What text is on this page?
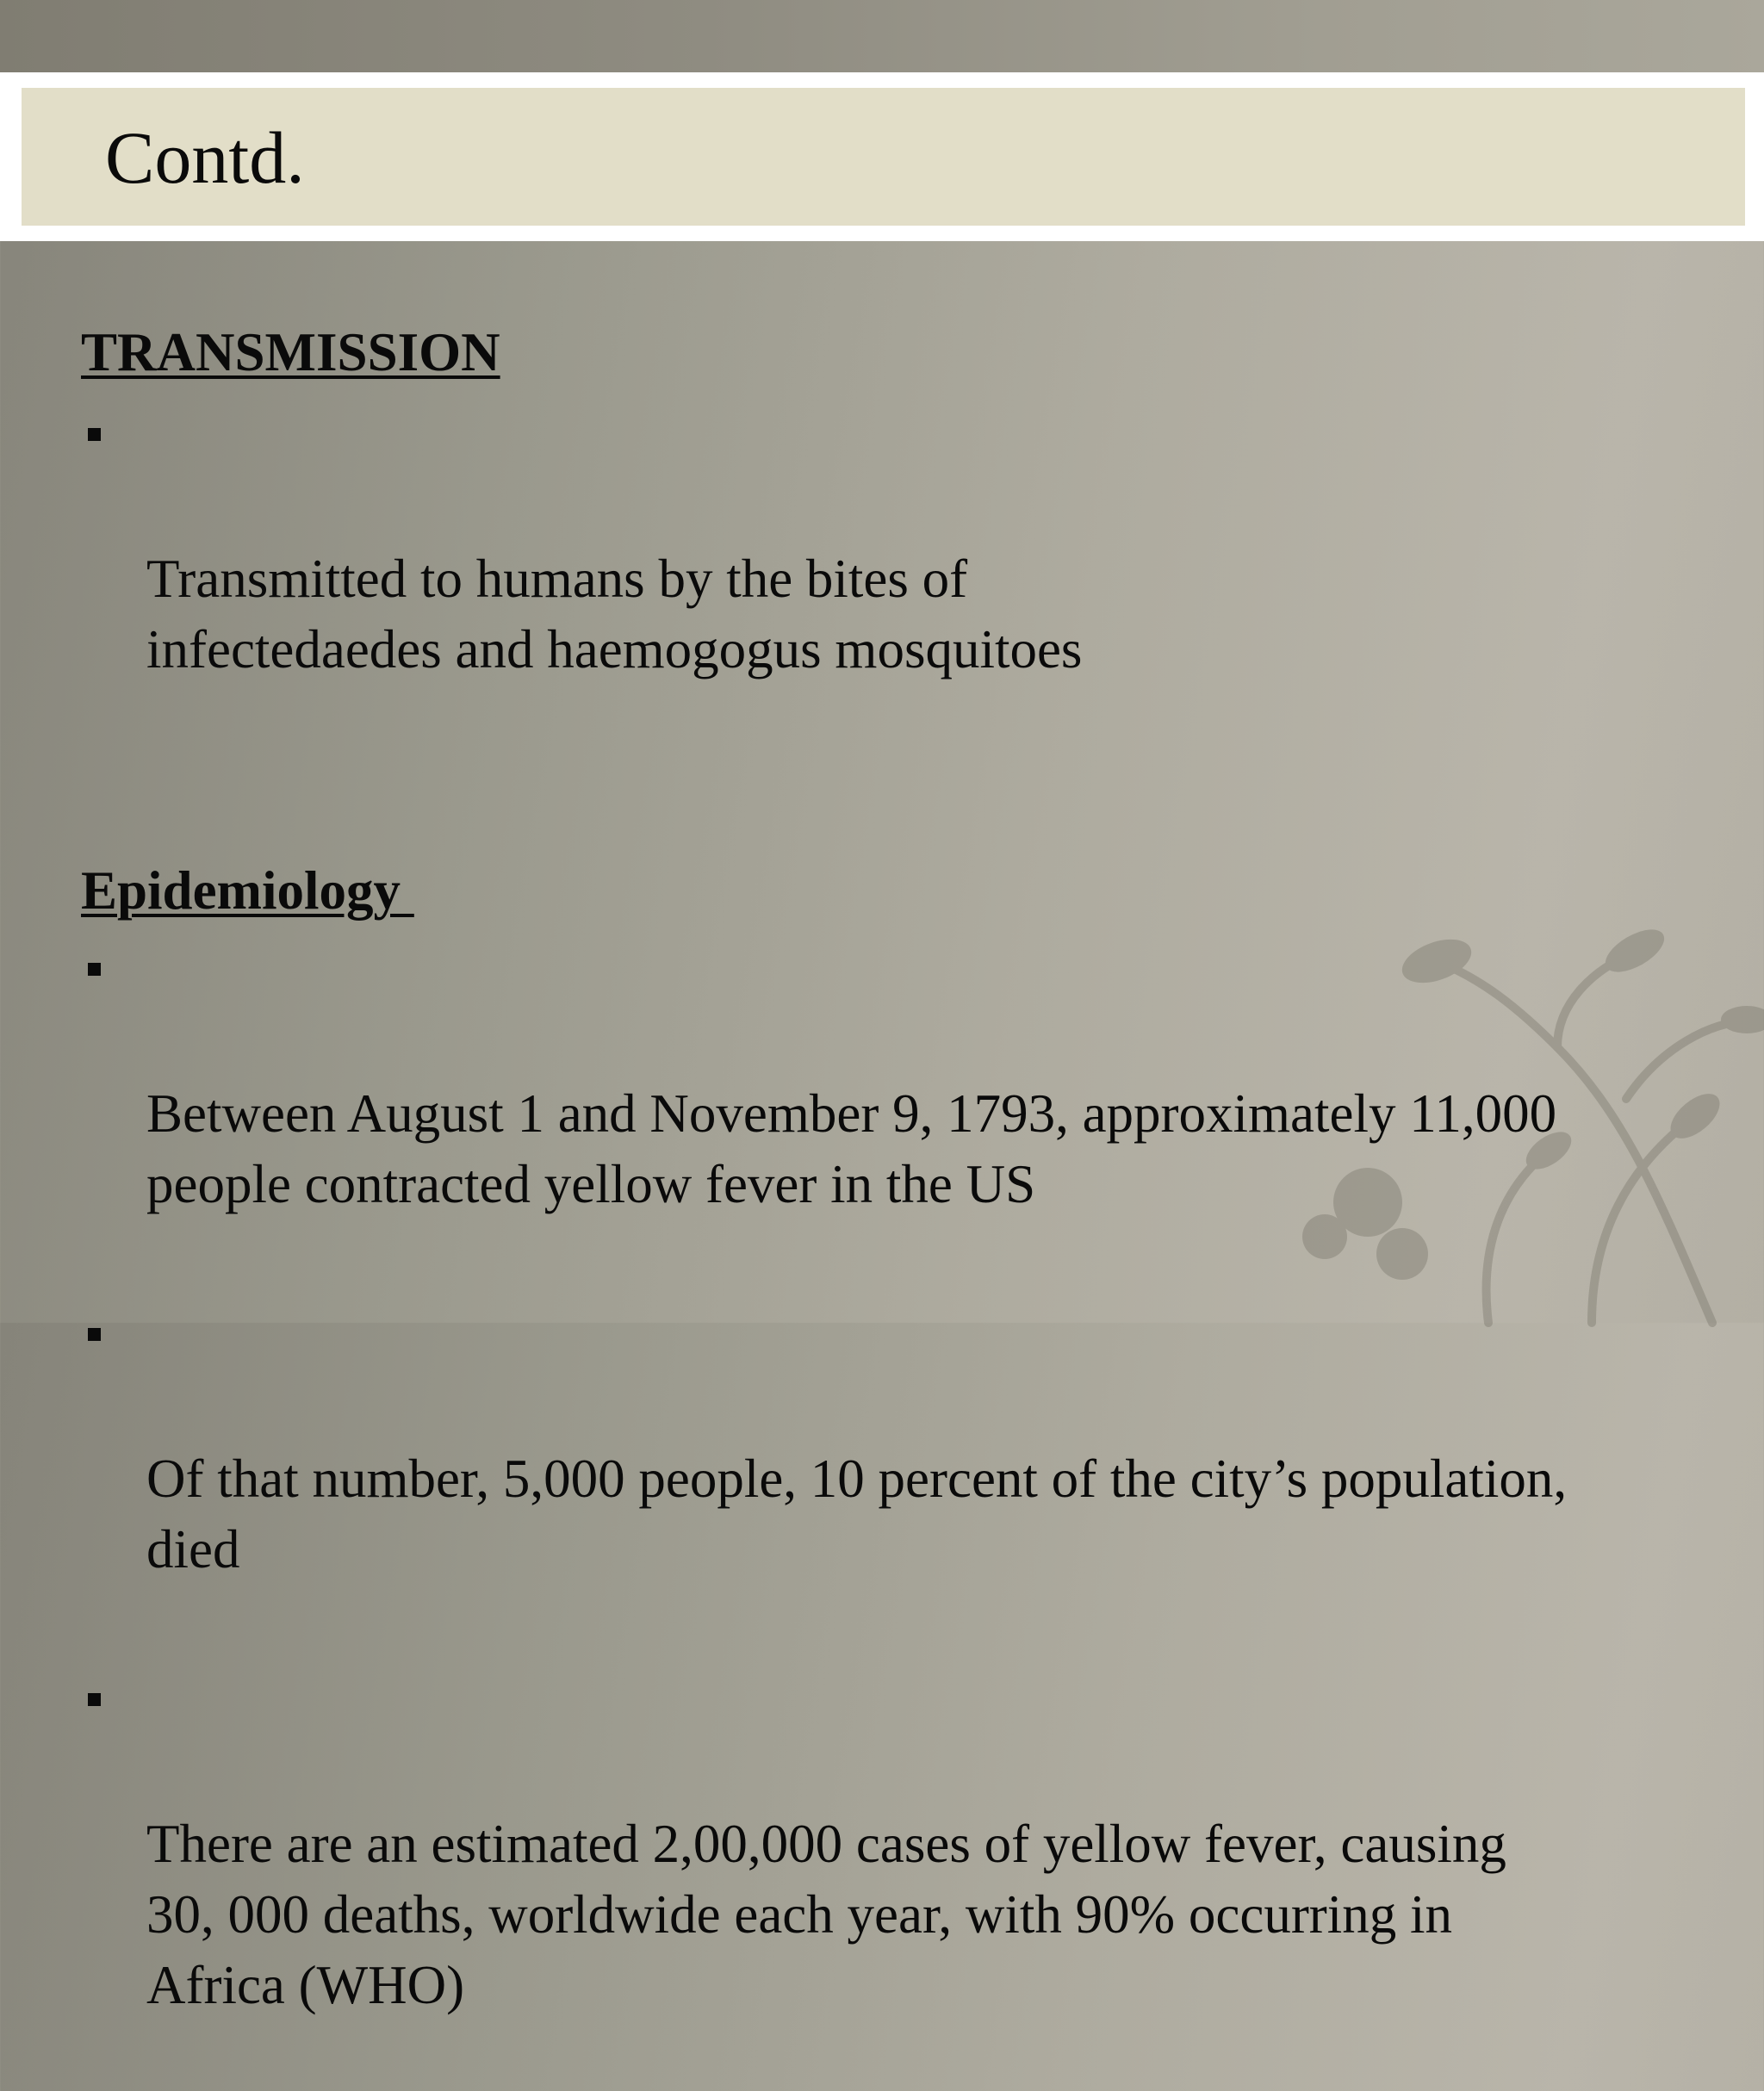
Contd.

TRANSMISSION

Transmitted to humans by the bites of
infectedaedes and haemogogus mosquitoes

Epidemiology

Between August 1 and November 9, 1793, approximately 11,000
people contracted yellow fever in the US

Of that number, 5,000 people, 10 percent of the city’s population,
died

There are an estimated 2,00,000 cases of yellow fever, causing
30, 000 deaths, worldwide each year, with 90% occurring in
Africa (WHO)
